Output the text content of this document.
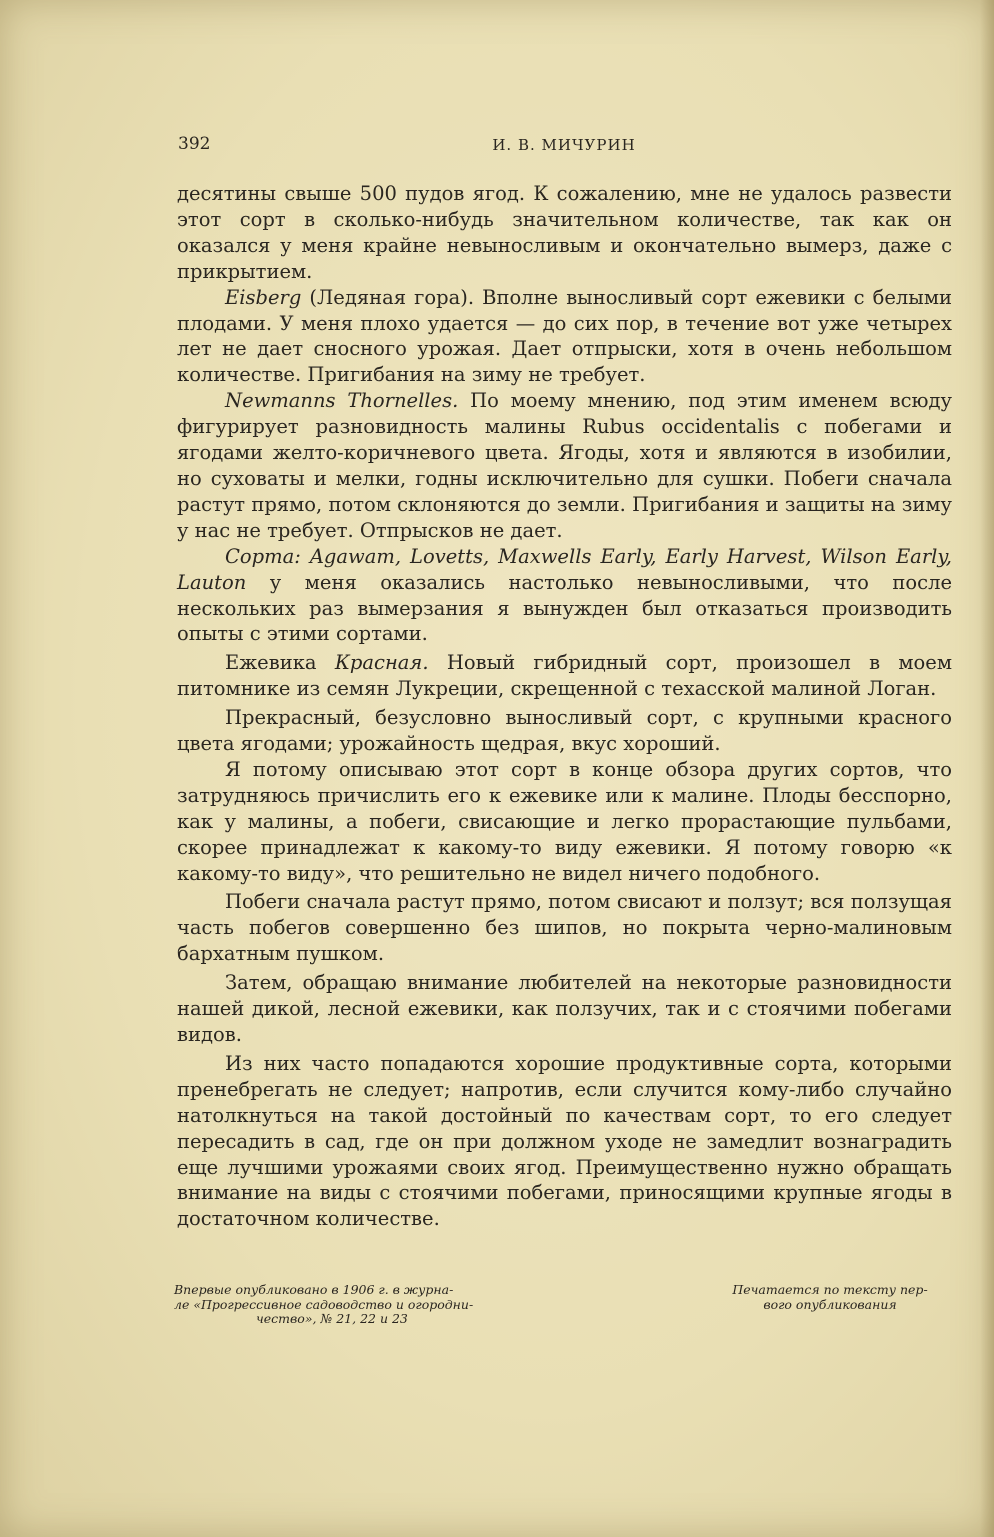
392	И. В. МИЧУРИН

десятины свыше 500 пудов ягод. К сожалению, мне не удалось развести этот сорт в сколько-нибудь значительном количестве, так как он оказался у меня крайне невыносливым и окончательно вымерз, даже с прикрытием.

Eisberg (Ледяная гора). Вполне выносливый сорт ежевики с белыми плодами. У меня плохо удается — до сих пор, в течение вот уже четырех лет не дает сносного урожая. Дает отпрыски, хотя в очень небольшом количестве. Пригибания на зиму не требует.

Newmanns Thornelles. По моему мнению, под этим именем всюду фигурирует разновидность малины Rubus occidentalis с побегами и ягодами желто-коричневого цвета. Ягоды, хотя и являются в изобилии, но суховаты и мелки, годны исключительно для сушки. Побеги сначала растут прямо, потом склоняются до земли. Пригибания и защиты на зиму у нас не требует. Отпрысков не дает.

Сорта: Agawam, Lovetts, Maxwells Early, Early Harvest, Wilson Early, Lauton у меня оказались настолько невыносливыми, что после нескольких раз вымерзания я вынужден был отказаться производить опыты с этими сортами.

Ежевика Красная. Новый гибридный сорт, произошел в моем питомнике из семян Лукреции, скрещенной с техасской малиной Логан.

Прекрасный, безусловно выносливый сорт, с крупными красного цвета ягодами; урожайность щедрая, вкус хороший.

Я потому описываю этот сорт в конце обзора других сортов, что затрудняюсь причислить его к ежевике или к малине. Плоды бесспорно, как у малины, а побеги, свисающие и легко прорастающие пульбами, скорее принадлежат к какому-то виду ежевики. Я потому говорю «к какому-то виду», что решительно не видел ничего подобного.

Побеги сначала растут прямо, потом свисают и ползут; вся ползущая часть побегов совершенно без шипов, но покрыта черно-малиновым бархатным пушком.

Затем, обращаю внимание любителей на некоторые разновидности нашей дикой, лесной ежевики, как ползучих, так и с стоячими побегами видов.

Из них часто попадаются хорошие продуктивные сорта, которыми пренебрегать не следует; напротив, если случится кому-либо случайно натолкнуться на такой достойный по качествам сорт, то его следует пересадить в сад, где он при должном уходе не замедлит вознаградить еще лучшими урожаями своих ягод. Преимущественно нужно обращать внимание на виды с стоячими побегами, приносящими крупные ягоды в достаточном количестве.

Впервые опубликовано в 1906 г. в журна-
ле «Прогрессивное садоводство и огородни-

чество», № 21, 22 и 23
Печатается по тексту пер-
вого опубликования
